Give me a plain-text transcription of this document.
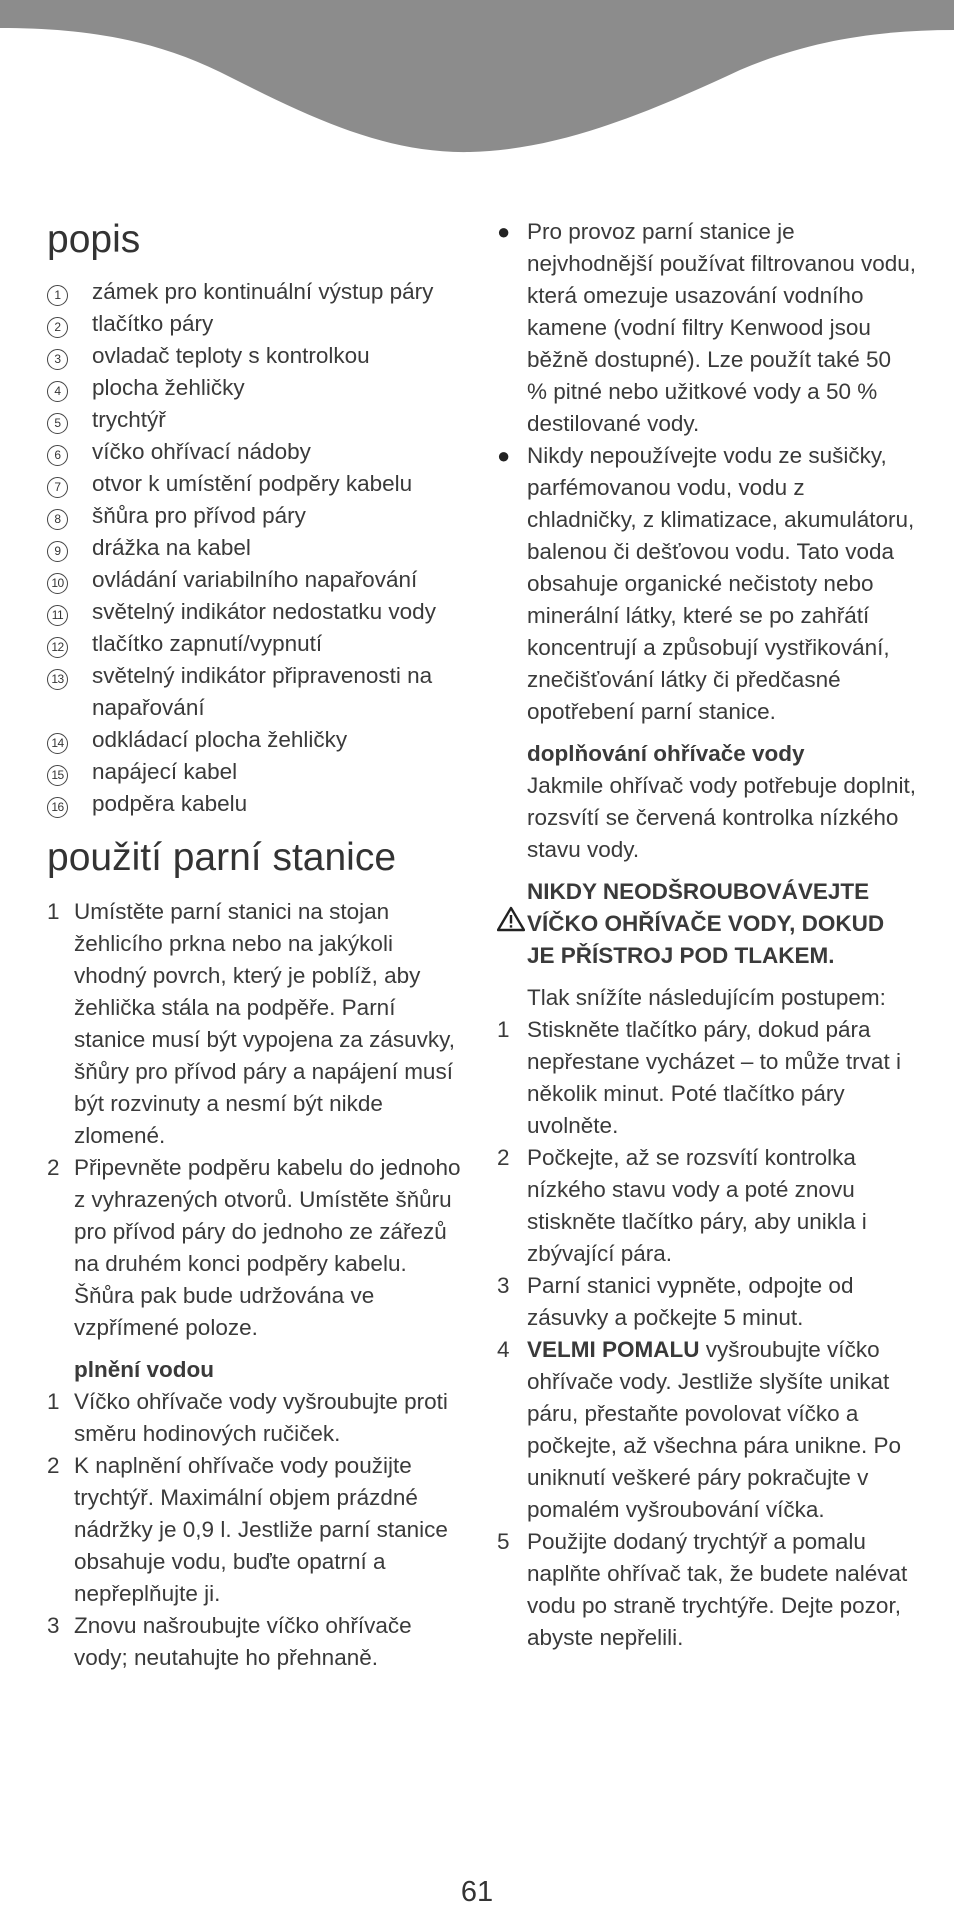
popis
1	zámek pro kontinuální výstup páry
2	tlačítko páry
3	ovladač teploty s kontrolkou
4	plocha žehličky
5	trychtýř
6	víčko ohřívací nádoby
7	otvor k umístění podpěry kabelu
8	šňůra pro přívod páry
9	drážka na kabel
10	ovládání variabilního napařování
11	světelný indikátor nedostatku vody
12	tlačítko zapnutí/vypnutí
13	světelný indikátor připravenosti na napařování
14	odkládací plocha žehličky
15	napájecí kabel
16	podpěra kabelu
použití parní stanice
1 Umístěte parní stanici na stojan žehlicího prkna nebo na jakýkoli vhodný povrch, který je poblíž, aby žehlička stála na podpěře. Parní stanice musí být vypojena za zásuvky, šňůry pro přívod páry a napájení musí být rozvinuty a nesmí být nikde zlomené.
2 Připevněte podpěru kabelu do jednoho z vyhrazených otvorů. Umístěte šňůru pro přívod páry do jednoho ze zářezů na druhém konci podpěry kabelu. Šňůra pak bude udržována ve vzpřímené poloze.
plnění vodou
1 Víčko ohřívače vody vyšroubujte proti směru hodinových ručiček.
2 K naplnění ohřívače vody použijte trychtýř. Maximální objem prázdné nádržky je 0,9 l. Jestliže parní stanice obsahuje vodu, buďte opatrní a nepřeplňujte ji.
3 Znovu našroubujte víčko ohřívače vody; neutahujte ho přehnaně.
● Pro provoz parní stanice je nejvhodnější používat filtrovanou vodu, která omezuje usazování vodního kamene (vodní filtry Kenwood jsou běžně dostupné). Lze použít také 50 % pitné nebo užitkové vody a 50 % destilované vody.
● Nikdy nepoužívejte vodu ze sušičky, parfémovanou vodu, vodu z chladničky, z klimatizace, akumulátoru, balenou či dešťovou vodu. Tato voda obsahuje organické nečistoty nebo minerální látky, které se po zahřátí koncentrují a způsobují vystřikování, znečišťování látky či předčasné opotřebení parní stanice.
doplňování ohřívače vody
Jakmile ohřívač vody potřebuje doplnit, rozsvítí se červená kontrolka nízkého stavu vody.
NIKDY NEODŠROUBOVÁVEJTE VÍČKO OHŘÍVAČE VODY, DOKUD JE PŘÍSTROJ POD TLAKEM.
Tlak snížíte následujícím postupem:
1 Stiskněte tlačítko páry, dokud pára nepřestane vycházet – to může trvat i několik minut. Poté tlačítko páry uvolněte.
2 Počkejte, až se rozsvítí kontrolka nízkého stavu vody a poté znovu stiskněte tlačítko páry, aby unikla i zbývající pára.
3 Parní stanici vypněte, odpojte od zásuvky a počkejte 5 minut.
4 VELMI POMALU vyšroubujte víčko ohřívače vody. Jestliže slyšíte unikat páru, přestaňte povolovat víčko a počkejte, až všechna pára unikne. Po uniknutí veškeré páry pokračujte v pomalém vyšroubování víčka.
5 Použijte dodaný trychtýř a pomalu naplňte ohřívač tak, že budete nalévat vodu po straně trychtýře. Dejte pozor, abyste nepřelili.
61
